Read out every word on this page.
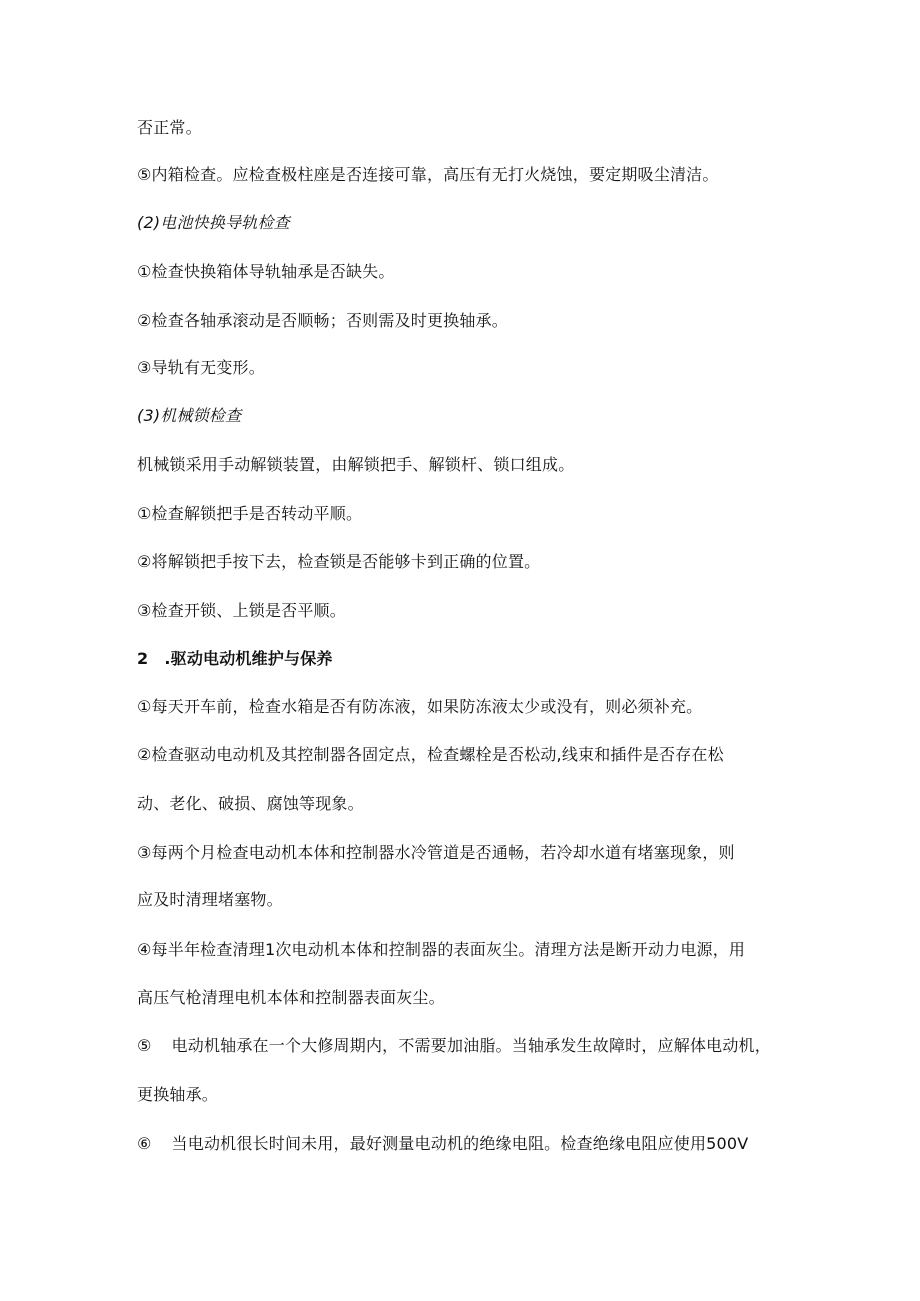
否正常。
⑤内箱检查。应检查极柱座是否连接可靠，高压有无打火烧蚀，要定期吸尘清洁。
(2)电池快换导轨检查
①检查快换箱体导轨轴承是否缺失。
②检查各轴承滚动是否顺畅；否则需及时更换轴承。
③导轨有无变形。
(3)机械锁检查
机械锁采用手动解锁装置，由解锁把手、解锁杆、锁口组成。
①检查解锁把手是否转动平顺。
②将解锁把手按下去，检查锁是否能够卡到正确的位置。
③检查开锁、上锁是否平顺。
2 .驱动电动机维护与保养
①每天开车前，检查水箱是否有防冻液，如果防冻液太少或没有，则必须补充。
②检查驱动电动机及其控制器各固定点，检查螺栓是否松动,线束和插件是否存在松
动、老化、破损、腐蚀等现象。
③每两个月检查电动机本体和控制器水冷管道是否通畅，若冷却水道有堵塞现象，则
应及时清理堵塞物。
④每半年检查清理1次电动机本体和控制器的表面灰尘。清理方法是断开动力电源，用
高压气枪清理电机本体和控制器表面灰尘。
⑤ 电动机轴承在一个大修周期内，不需要加油脂。当轴承发生故障时，应解体电动机，
更换轴承。
⑥ 当电动机很长时间未用，最好测量电动机的绝缘电阻。检查绝缘电阻应使用500V
